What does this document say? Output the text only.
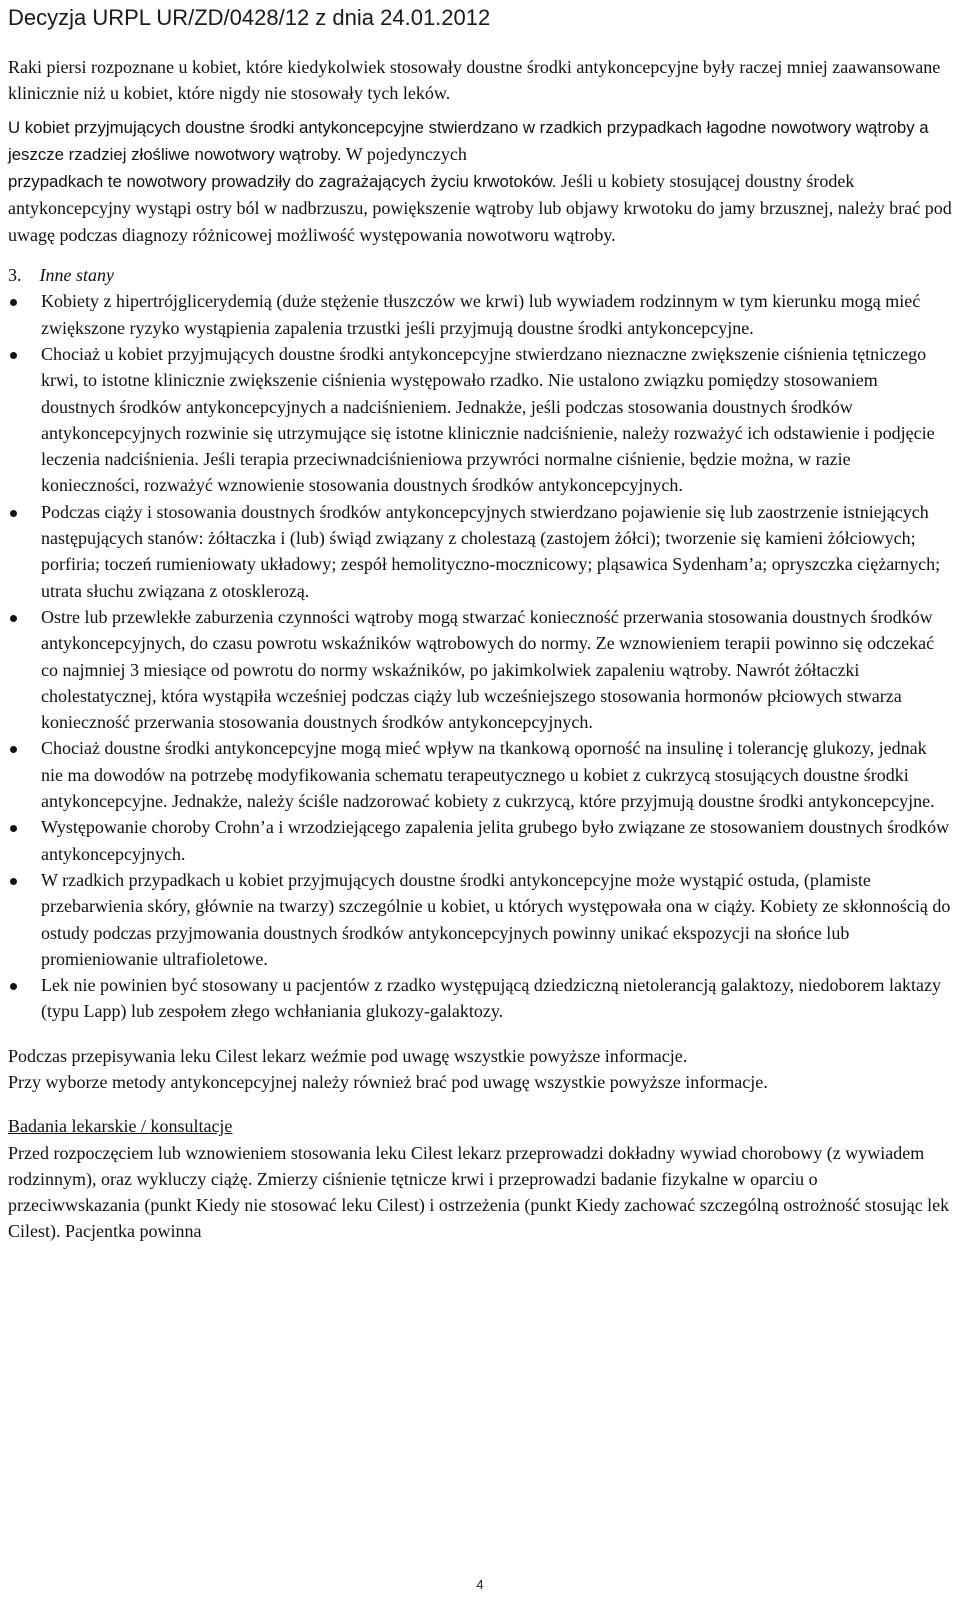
Decyzja URPL UR/ZD/0428/12 z dnia 24.01.2012
Raki piersi rozpoznane u kobiet, które kiedykolwiek stosowały doustne środki antykoncepcyjne były raczej mniej zaawansowane klinicznie niż u kobiet, które nigdy nie stosowały tych leków.
U kobiet przyjmujących doustne środki antykoncepcyjne stwierdzano w rzadkich przypadkach łagodne nowotwory wątroby a jeszcze rzadziej złośliwe nowotwory wątroby. W pojedynczych
przypadkach te nowotwory prowadziły do zagrażających życiu krwotoków. Jeśli u kobiety stosującej doustny środek antykoncepcyjny wystąpi ostry ból w nadbrzuszu, powiększenie wątroby lub objawy krwotoku do jamy brzusznej, należy brać pod uwagę podczas diagnozy różnicowej możliwość występowania nowotworu wątroby.
3. Inne stany
Kobiety z hipertrójglicerydemią (duże stężenie tłuszczów we krwi) lub wywiadem rodzinnym w tym kierunku mogą mieć zwiększone ryzyko wystąpienia zapalenia trzustki jeśli przyjmują doustne środki antykoncepcyjne.
Chociaż u kobiet przyjmujących doustne środki antykoncepcyjne stwierdzano nieznaczne zwiększenie ciśnienia tętniczego krwi, to istotne klinicznie zwiększenie ciśnienia występowało rzadko. Nie ustalono związku pomiędzy stosowaniem doustnych środków antykoncepcyjnych a nadciśnieniem. Jednakże, jeśli podczas stosowania doustnych środków antykoncepcyjnych rozwinie się utrzymujące się istotne klinicznie nadciśnienie, należy rozważyć ich odstawienie i podjęcie leczenia nadciśnienia. Jeśli terapia przeciwnadciśnieniowa przywróci normalne ciśnienie, będzie można, w razie konieczności, rozważyć wznowienie stosowania doustnych środków antykoncepcyjnych.
Podczas ciąży i stosowania doustnych środków antykoncepcyjnych stwierdzano pojawienie się lub zaostrzenie istniejących następujących stanów: żółtaczka i (lub) świąd związany z cholestazą (zastojem żółci); tworzenie się kamieni żółciowych; porfiria; toczeń rumieniowaty układowy; zespół hemolityczno-mocznicowy; pląsawica Sydenham’a; opryszczka ciężarnych; utrata słuchu związana z otosklerozą.
Ostre lub przewlekłe zaburzenia czynności wątroby mogą stwarzać konieczność przerwania stosowania doustnych środków antykoncepcyjnych, do czasu powrotu wskaźników wątrobowych do normy. Ze wznowieniem terapii powinno się odczekać co najmniej 3 miesiące od powrotu do normy wskaźników, po jakimkolwiek zapaleniu wątroby. Nawrót żółtaczki cholestatycznej, która wystąpiła wcześniej podczas ciąży lub wcześniejszego stosowania hormonów płciowych stwarza konieczność przerwania stosowania doustnych środków antykoncepcyjnych.
Chociaż doustne środki antykoncepcyjne mogą mieć wpływ na tkankową oporność na insulinę i tolerancję glukozy, jednak nie ma dowodów na potrzebę modyfikowania schematu terapeutycznego u kobiet z cukrzycą stosujących doustne środki antykoncepcyjne. Jednakże, należy ściśle nadzorować kobiety z cukrzycą, które przyjmują doustne środki antykoncepcyjne.
Występowanie choroby Crohn’a i wrzodziejącego zapalenia jelita grubego było związane ze stosowaniem doustnych środków antykoncepcyjnych.
W rzadkich przypadkach u kobiet przyjmujących doustne środki antykoncepcyjne może wystąpić ostuda, (plamiste przebarwienia skóry, głównie na twarzy) szczególnie u kobiet, u których występowała ona w ciąży. Kobiety ze skłonnością do ostudy podczas przyjmowania doustnych środków antykoncepcyjnych powinny unikać ekspozycji na słońce lub promieniowanie ultrafioletowe.
Lek nie powinien być stosowany u pacjentów z rzadko występującą dziedziczną nietolerancją galaktozy, niedoborem laktazy (typu Lapp) lub zespołem złego wchłaniania glukozy-galaktozy.
Podczas przepisywania leku Cilest lekarz weźmie pod uwagę wszystkie powyższe informacje.
Przy wyborze metody antykoncepcyjnej należy również brać pod uwagę wszystkie powyższe informacje.
Badania lekarskie / konsultacje
Przed rozpoczęciem lub wznowieniem stosowania leku Cilest lekarz przeprowadzi dokładny wywiad chorobowy (z wywiadem rodzinnym), oraz wykluczy ciążę. Zmierzy ciśnienie tętnicze krwi i przeprowadzi badanie fizykalne w oparciu o przeciwwskazania (punkt Kiedy nie stosować leku Cilest) i ostrzeżenia (punkt Kiedy zachować szczególną ostrożność stosując lek Cilest). Pacjentka powinna
4
